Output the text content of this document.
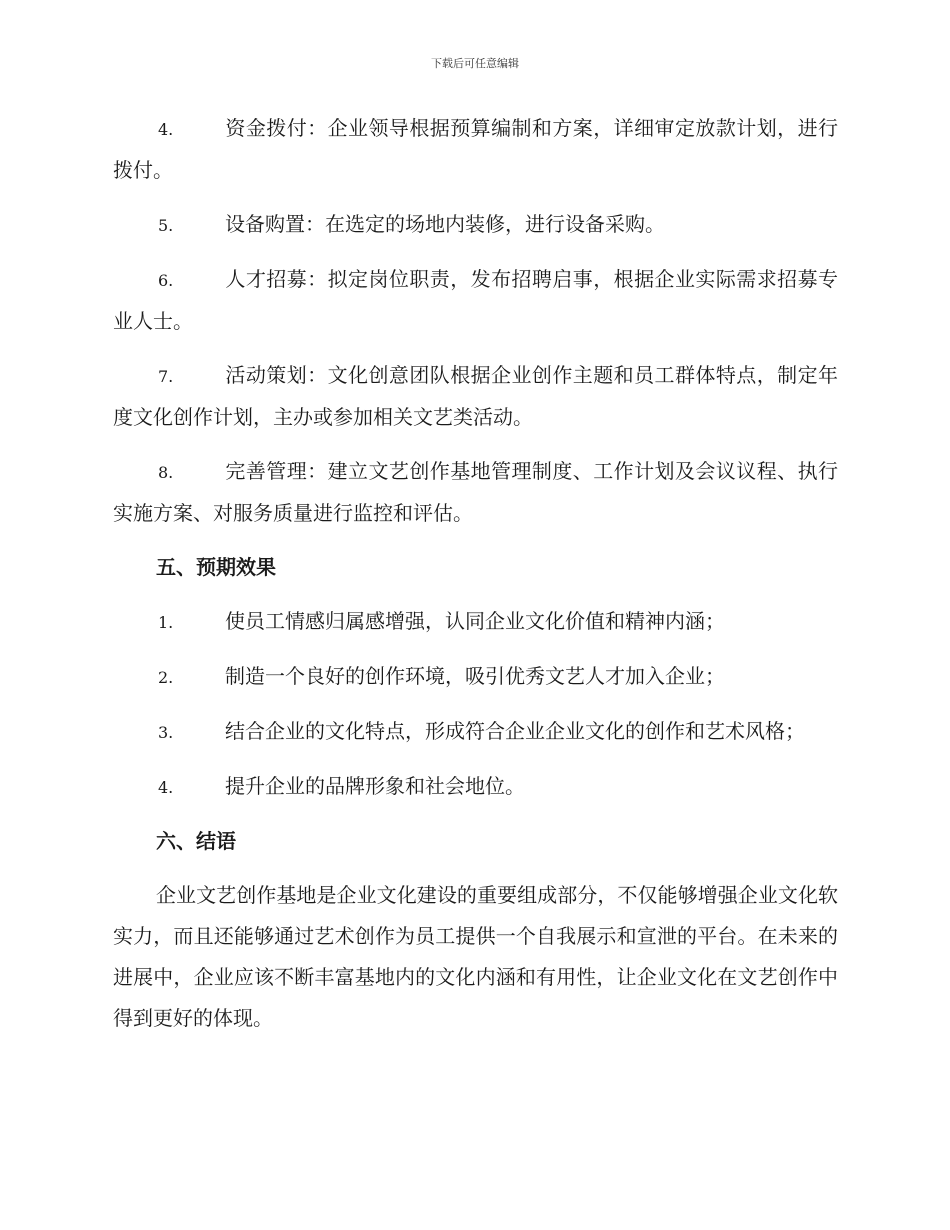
下载后可任意编辑

4.	资金拨付：企业领导根据预算编制和方案，详细审定放款计划，进行拨付。

5.	设备购置：在选定的场地内装修，进行设备采购。

6.	人才招募：拟定岗位职责，发布招聘启事，根据企业实际需求招募专业人士。

7.	活动策划：文化创意团队根据企业创作主题和员工群体特点，制定年度文化创作计划，主办或参加相关文艺类活动。

8.	完善管理：建立文艺创作基地管理制度、工作计划及会议议程、执行实施方案、对服务质量进行监控和评估。

五、预期效果

1.	使员工情感归属感增强，认同企业文化价值和精神内涵；

2.	制造一个良好的创作环境，吸引优秀文艺人才加入企业；

3.	结合企业的文化特点，形成符合企业企业文化的创作和艺术风格；

4.	提升企业的品牌形象和社会地位。

六、结语

企业文艺创作基地是企业文化建设的重要组成部分，不仅能够增强企业文化软实力，而且还能够通过艺术创作为员工提供一个自我展示和宣泄的平台。在未来的进展中，企业应该不断丰富基地内的文化内涵和有用性，让企业文化在文艺创作中得到更好的体现。
